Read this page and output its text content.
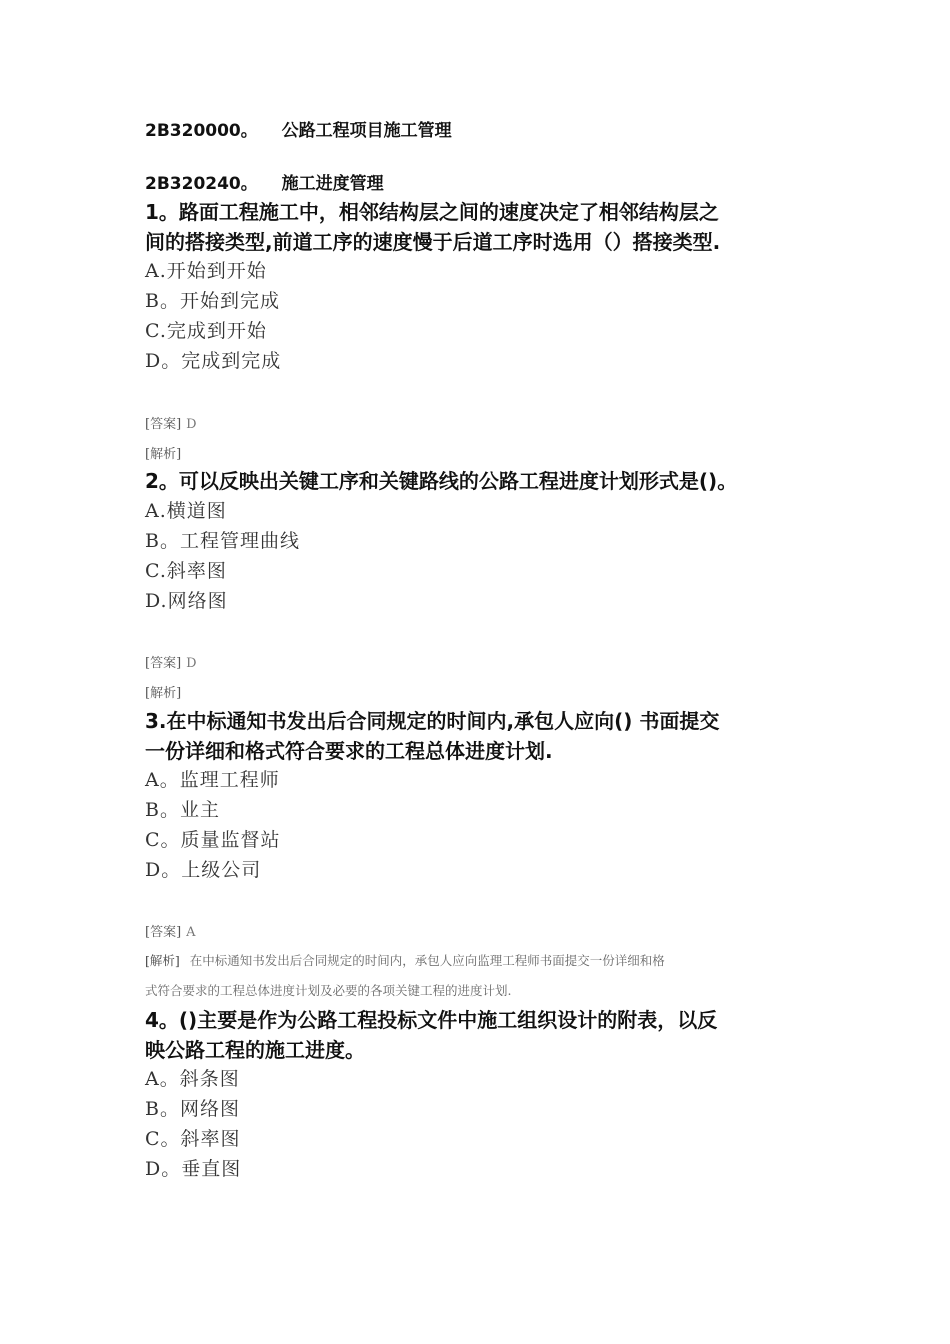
2B320000。 公路工程项目施工管理
2B320240。 施工进度管理
1。路面工程施工中，相邻结构层之间的速度决定了相邻结构层之
间的搭接类型,前道工序的速度慢于后道工序时选用（）搭接类型.
A.开始到开始
B。开始到完成
C.完成到开始
D。完成到完成
[答案] D
[解析]
2。可以反映出关键工序和关键路线的公路工程进度计划形式是()。
A.横道图
B。工程管理曲线
C.斜率图
D.网络图
[答案] D
[解析]
3.在中标通知书发出后合同规定的时间内,承包人应向() 书面提交
一份详细和格式符合要求的工程总体进度计划.
A。监理工程师
B。业主
C。质量监督站
D。上级公司
[答案] A
[解析] 在中标通知书发出后合同规定的时间内，承包人应向监理工程师书面提交一份详细和格
式符合要求的工程总体进度计划及必要的各项关键工程的进度计划.
4。()主要是作为公路工程投标文件中施工组织设计的附表，以反
映公路工程的施工进度。
A。斜条图
B。网络图
C。斜率图
D。垂直图
